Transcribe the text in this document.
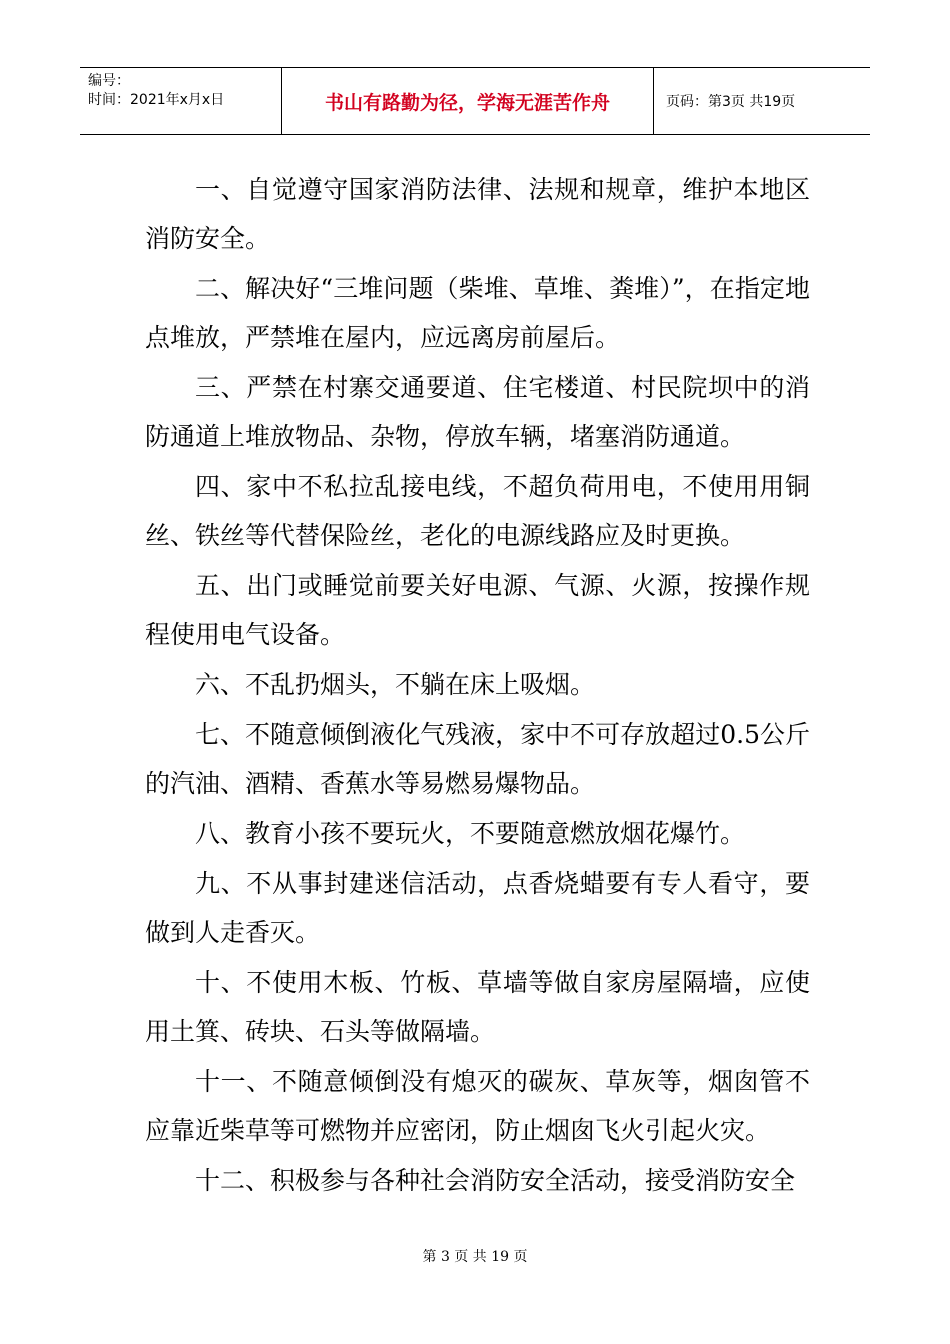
编号：
时间：2021年x月x日	书山有路勤为径，学海无涯苦作舟	页码：第3页 共19页

一、自觉遵守国家消防法律、法规和规章，维护本地区消防安全。

二、解决好“三堆问题（柴堆、草堆、粪堆）”，在指定地点堆放，严禁堆在屋内，应远离房前屋后。

三、严禁在村寨交通要道、住宅楼道、村民院坝中的消防通道上堆放物品、杂物，停放车辆，堵塞消防通道。

四、家中不私拉乱接电线，不超负荷用电，不使用用铜丝、铁丝等代替保险丝，老化的电源线路应及时更换。

五、出门或睡觉前要关好电源、气源、火源，按操作规程使用电气设备。

六、不乱扔烟头，不躺在床上吸烟。

七、不随意倾倒液化气残液，家中不可存放超过0.5公斤的汽油、酒精、香蕉水等易燃易爆物品。

八、教育小孩不要玩火，不要随意燃放烟花爆竹。

九、不从事封建迷信活动，点香烧蜡要有专人看守，要做到人走香灭。

十、不使用木板、竹板、草墙等做自家房屋隔墙，应使用土箕、砖块、石头等做隔墙。

十一、不随意倾倒没有熄灭的碳灰、草灰等，烟囱管不应靠近柴草等可燃物并应密闭，防止烟囱飞火引起火灾。

十二、积极参与各种社会消防安全活动，接受消防安全

第 3 页 共 19 页
